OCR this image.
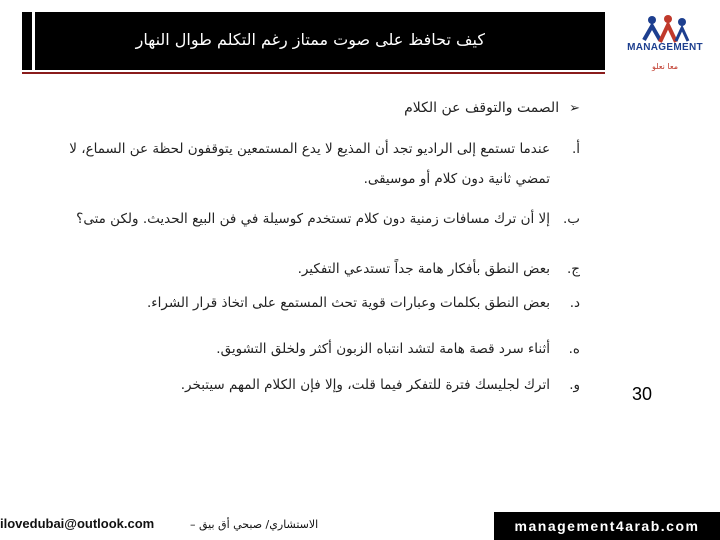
كيف تحافظ على صوت ممتاز رغم التكلم طوال النهار	MANAGEMENT
معا نعلو
➢الصمت والتوقف عن الكلام
أ.
عندما تستمع إلى الراديو تجد أن المذيع لا يدع المستمعين يتوقفون لحظة عن السماع، لا تمضي ثانية دون كلام أو موسيقى.
ب.
إلا أن ترك مسافات زمنية دون كلام تستخدم كوسيلة في فن البيع الحديث. ولكن متى؟
ج.
بعض النطق بأفكار هامة جداً تستدعي التفكير.
د.
بعض النطق بكلمات وعبارات قوية تحث المستمع على اتخاذ قرار الشراء.
ه.
أثناء سرد قصة هامة لتشد انتباه الزبون أكثر ولخلق التشويق.
و.
اترك لجليسك فترة للتفكر فيما قلت، وإلا فإن الكلام المهم سيتبخر.	30
ilovedubai@outlook.com	الاستشاري/ صبحي أق بيق –	management4arab.com
